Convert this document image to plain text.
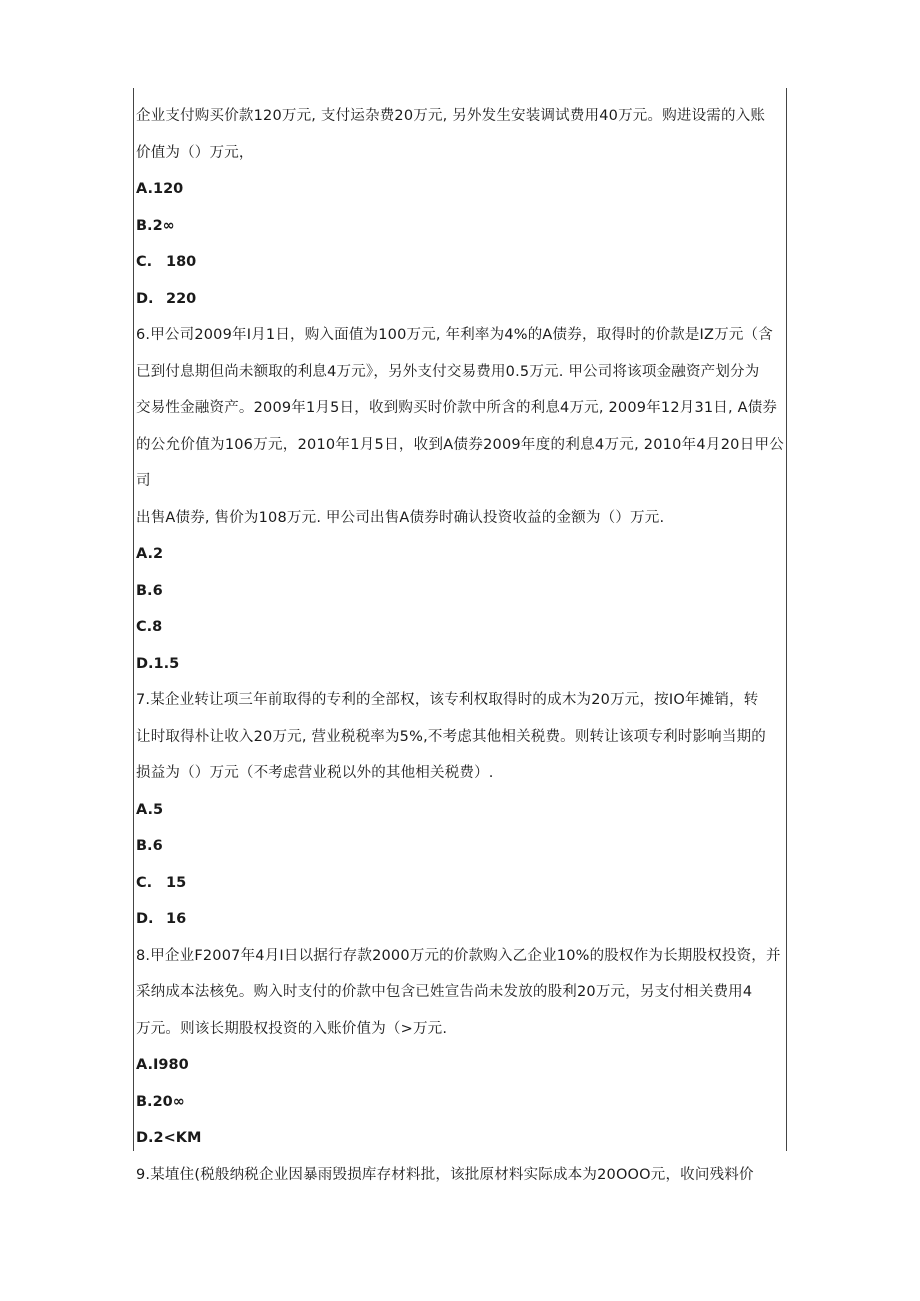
企业支付购买价款120万元, 支付运杂费20万元, 另外发生安装调试费用40万元。购进设需的入账

价值为（）万元，

A.120
B.2∞
C. 180
D. 220

6.甲公司2009年I月1日，购入面值为100万元, 年利率为4%的A债券，取得时的价款是IZ万元（含

已到付息期但尚未额取的利息4万元》，另外支付交易费用0.5万元. 甲公司将该项金融资产划分为

交易性金融资产。2009年1月5日，收到购买时价款中所含的利息4万元, 2009年12月31日, A债券

的公允价值为106万元，2010年1月5日，收到A债券2009年度的利息4万元, 2010年4月20日甲公司

出售A债券, 售价为108万元. 甲公司出售A债券时确认投资收益的金额为（）万元.

A.2
B.6
C.8
D.1.5

7.某企业转让项三年前取得的专利的全部权，该专利权取得时的成木为20万元，按IO年摊销，转

让时取得朴让收入20万元, 营业税税率为5%,不考虑其他相关税费。则转让该项专利时影响当期的

损益为（）万元（不考虑营业税以外的其他相关税费）.

A.5
B.6
C. 15
D. 16

8.甲企业F2007年4月I日以据行存款2000万元的价款购入乙企业10%的股权作为长期股权投资，并

采纳成本法核免。购入时支付的价款中包含已姓宣告尚未发放的股利20万元，另支付相关费用4

万元。则该长期股权投资的入账价值为（>万元.

A.I980
B.20∞
D.2<KM

9.某埴住(税般纳税企业因暴雨毁损库存材料批，该批原材料实际成本为20OOO元，收问残料价
